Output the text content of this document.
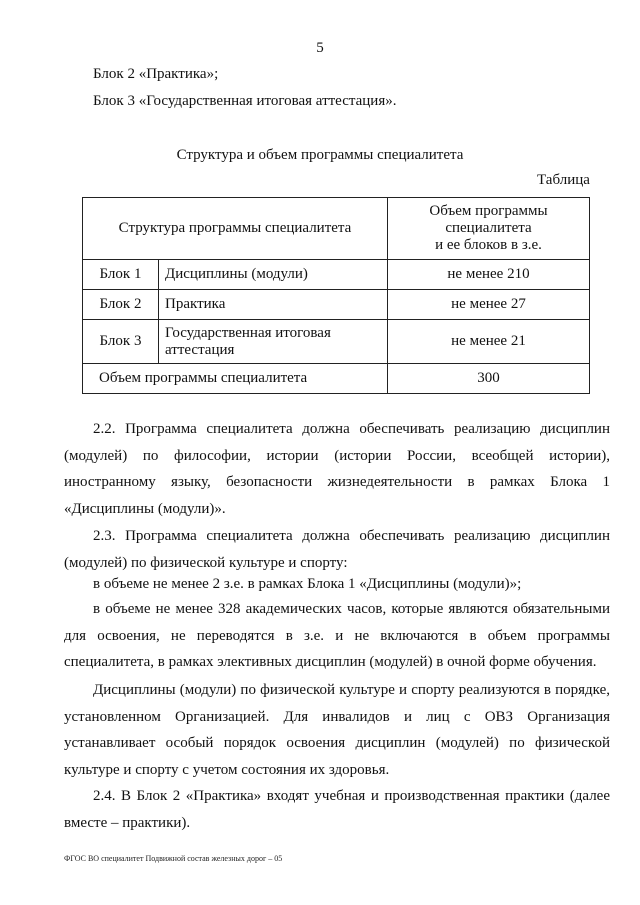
5
Блок 2 «Практика»;
Блок 3 «Государственная итоговая аттестация».
Структура и объем программы специалитета
Таблица
Структура программы специалитета		Объем программы
специалитета
и ее блоков в з.е.

Блок 1	Дисциплины (модули)	не менее 210
Блок 2	Практика	не менее 27
Блок 3	Государственная итоговая аттестация	не менее 21
Объем программы специалитета		300
2.2. Программа специалитета должна обеспечивать реализацию дисциплин (модулей) по философии, истории (истории России, всеобщей истории), иностранному языку, безопасности жизнедеятельности в рамках Блока 1 «Дисциплины (модули)».
2.3. Программа специалитета должна обеспечивать реализацию дисциплин (модулей) по физической культуре и спорту:
в объеме не менее 2 з.е. в рамках Блока 1 «Дисциплины (модули)»;
в объеме не менее 328 академических часов, которые являются обязательными для освоения, не переводятся в з.е. и не включаются в объем программы специалитета, в рамках элективных дисциплин (модулей) в очной форме обучения.
Дисциплины (модули) по физической культуре и спорту реализуются в порядке, установленном Организацией. Для инвалидов и лиц с ОВЗ Организация устанавливает особый порядок освоения дисциплин (модулей) по физической культуре и спорту с учетом состояния их здоровья.
2.4. В Блок 2 «Практика» входят учебная и производственная практики (далее вместе – практики).
ФГОС ВО специалитет Подвижной состав железных дорог – 05
